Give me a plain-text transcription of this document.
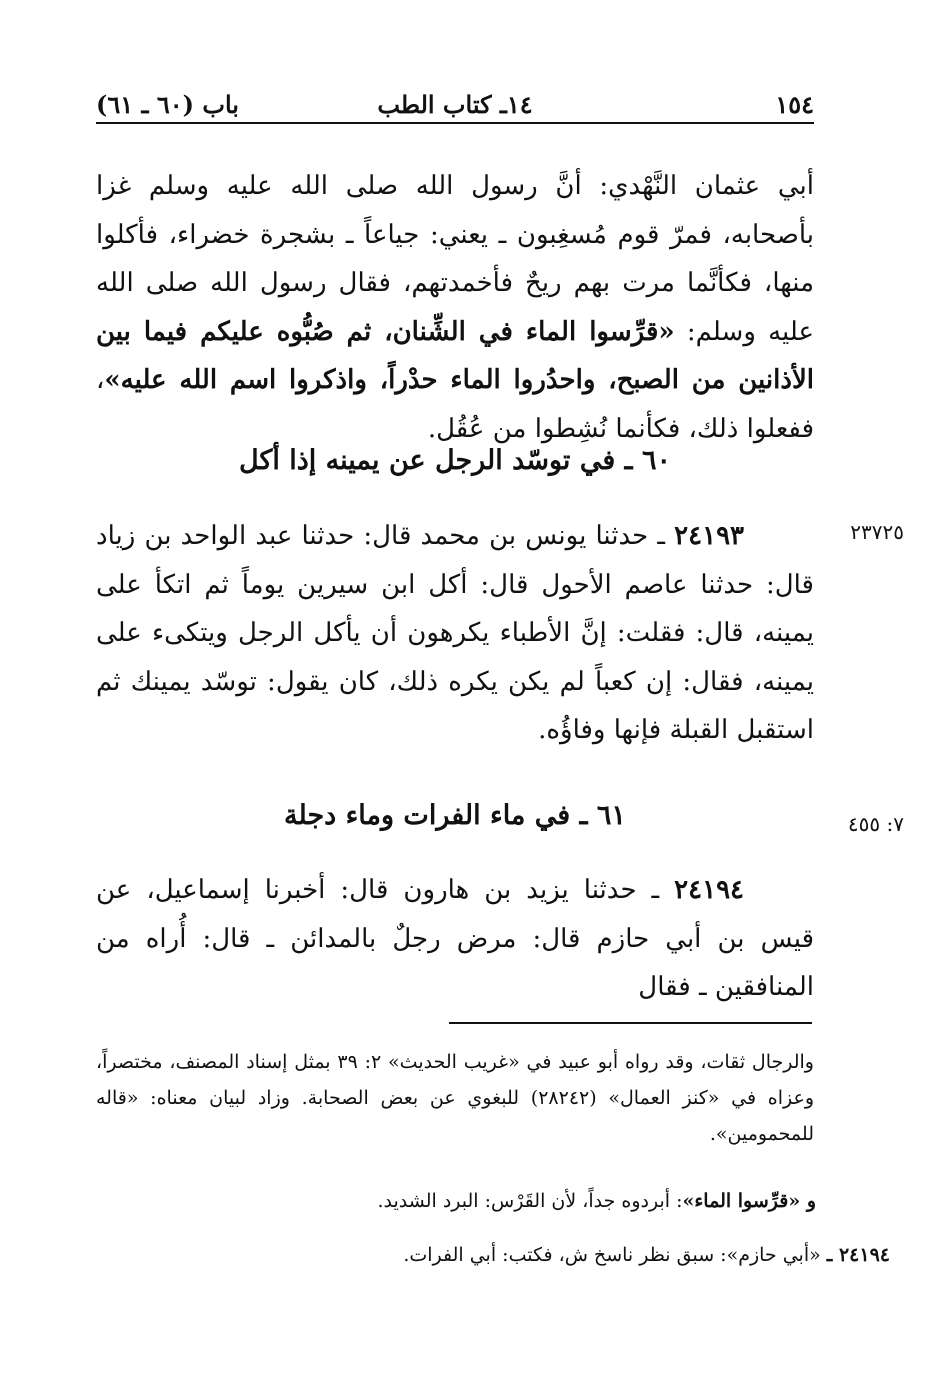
١٤ـ كتاب الطب	١٥٤
باب (٦٠ ـ ٦١)
أبي عثمان النَّهْدي: أنَّ رسول الله صلى الله عليه وسلم غزا بأصحابه، فمرّ قوم مُسغِبون ـ يعني: جياعاً ـ بشجرة خضراء، فأكلوا منها، فكأنَّما مرت بهم ريحٌ فأخمدتهم، فقال رسول الله صلى الله عليه وسلم: «قرِّسوا الماء في الشِّنان، ثم صُبُّوه عليكم فيما بين الأذانين من الصبح، واحدُروا الماء حدْراً، واذكروا اسم الله عليه»، ففعلوا ذلك، فكأنما نُشِطوا من عُقُل.
٦٠ ـ في توسّد الرجل عن يمينه إذا أكل
٢٣٧٢٥
٢٤١٩٣ ـ حدثنا يونس بن محمد قال: حدثنا عبد الواحد بن زياد قال: حدثنا عاصم الأحول قال: أكل ابن سيرين يوماً ثم اتكأ على يمينه، قال: فقلت: إنَّ الأطباء يكرهون أن يأكل الرجل ويتكىء على يمينه، فقال: إن كعباً لم يكن يكره ذلك، كان يقول: توسّد يمينك ثم استقبل القبلة فإنها وفاؤُه.
٧: ٤٥٥
٦١ ـ في ماء الفرات وماء دجلة
٢٤١٩٤ ـ حدثنا يزيد بن هارون قال: أخبرنا إسماعيل، عن قيس بن أبي حازم قال: مرض رجلٌ بالمدائن ـ قال: أُراه من المنافقين ـ فقال
والرجال ثقات، وقد رواه أبو عبيد في «غريب الحديث» ٢: ٣٩ بمثل إسناد المصنف، مختصراً، وعزاه في «كنز العمال» (٢٨٢٤٢) للبغوي عن بعض الصحابة. وزاد لبيان معناه: «قاله للمحمومين».
و «قرِّسوا الماء»: أبردوه جداً، لأن القَرْس: البرد الشديد.
٢٤١٩٤ ـ «أبي حازم»: سبق نظر ناسخ ش، فكتب: أبي الفرات.
